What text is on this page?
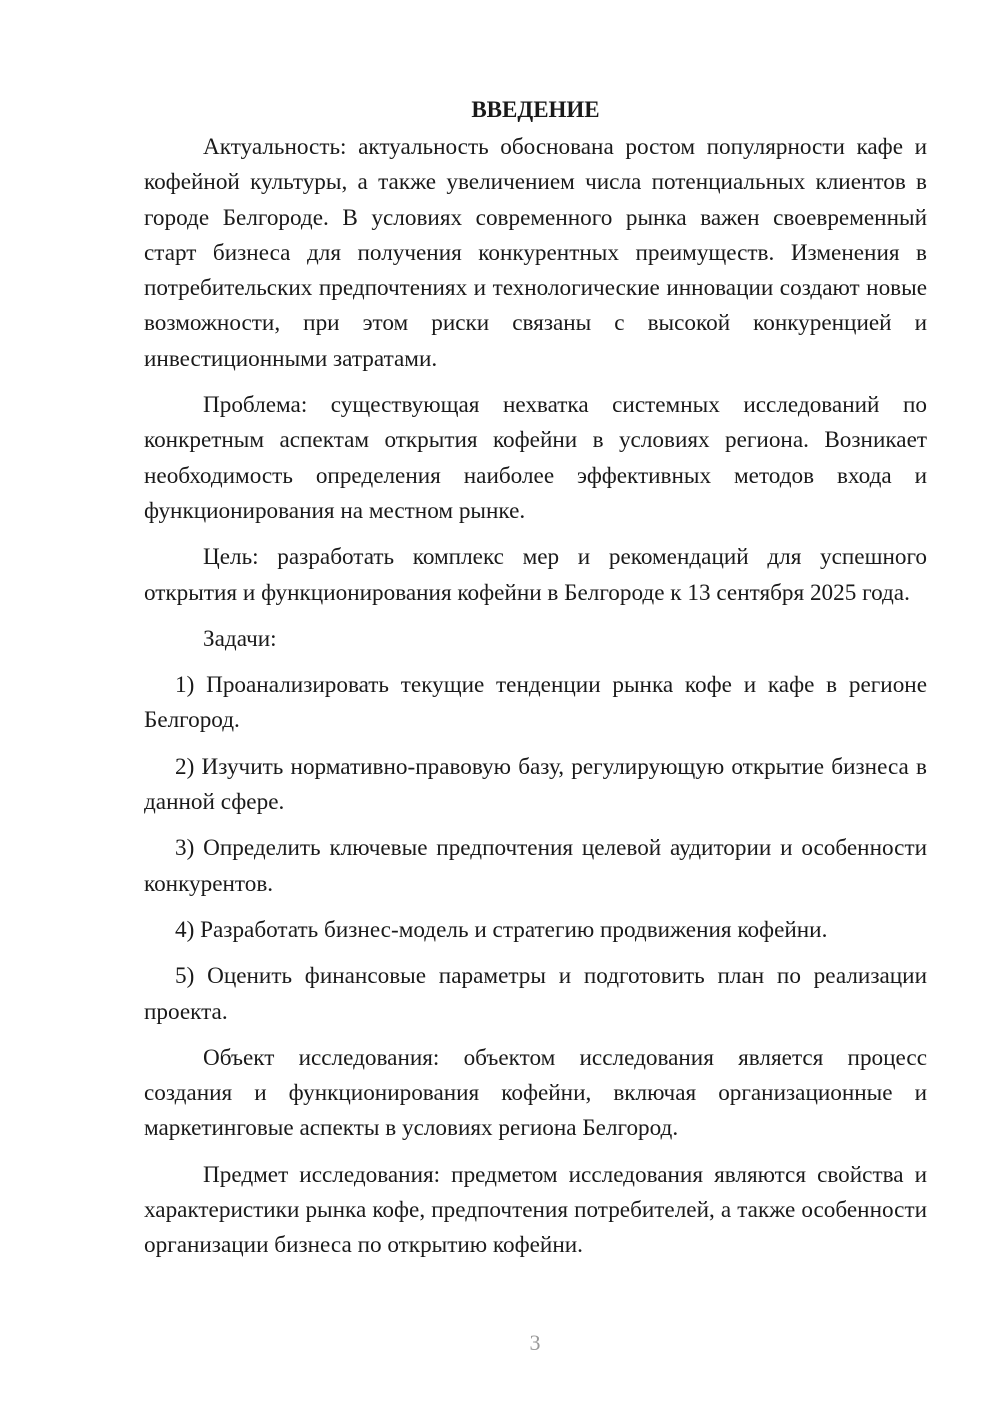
ВВЕДЕНИЕ

Актуальность: актуальность обоснована ростом популярности кафе и кофейной культуры, а также увеличением числа потенциальных клиентов в городе Белгороде. В условиях современного рынка важен своевременный старт бизнеса для получения конкурентных преимуществ. Изменения в потребительских предпочтениях и технологические инновации создают новые возможности, при этом риски связаны с высокой конкуренцией и инвестиционными затратами.

Проблема: существующая нехватка системных исследований по конкретным аспектам открытия кофейни в условиях региона. Возникает необходимость определения наиболее эффективных методов входа и функционирования на местном рынке.

Цель: разработать комплекс мер и рекомендаций для успешного открытия и функционирования кофейни в Белгороде к 13 сентября 2025 года.

Задачи:

1) Проанализировать текущие тенденции рынка кофе и кафе в регионе Белгород.

2) Изучить нормативно-правовую базу, регулирующую открытие бизнеса в данной сфере.

3) Определить ключевые предпочтения целевой аудитории и особенности конкурентов.

4) Разработать бизнес-модель и стратегию продвижения кофейни.

5) Оценить финансовые параметры и подготовить план по реализации проекта.

Объект исследования: объектом исследования является процесс создания и функционирования кофейни, включая организационные и маркетинговые аспекты в условиях региона Белгород.

Предмет исследования: предметом исследования являются свойства и характеристики рынка кофе, предпочтения потребителей, а также особенности организации бизнеса по открытию кофейни.

3
